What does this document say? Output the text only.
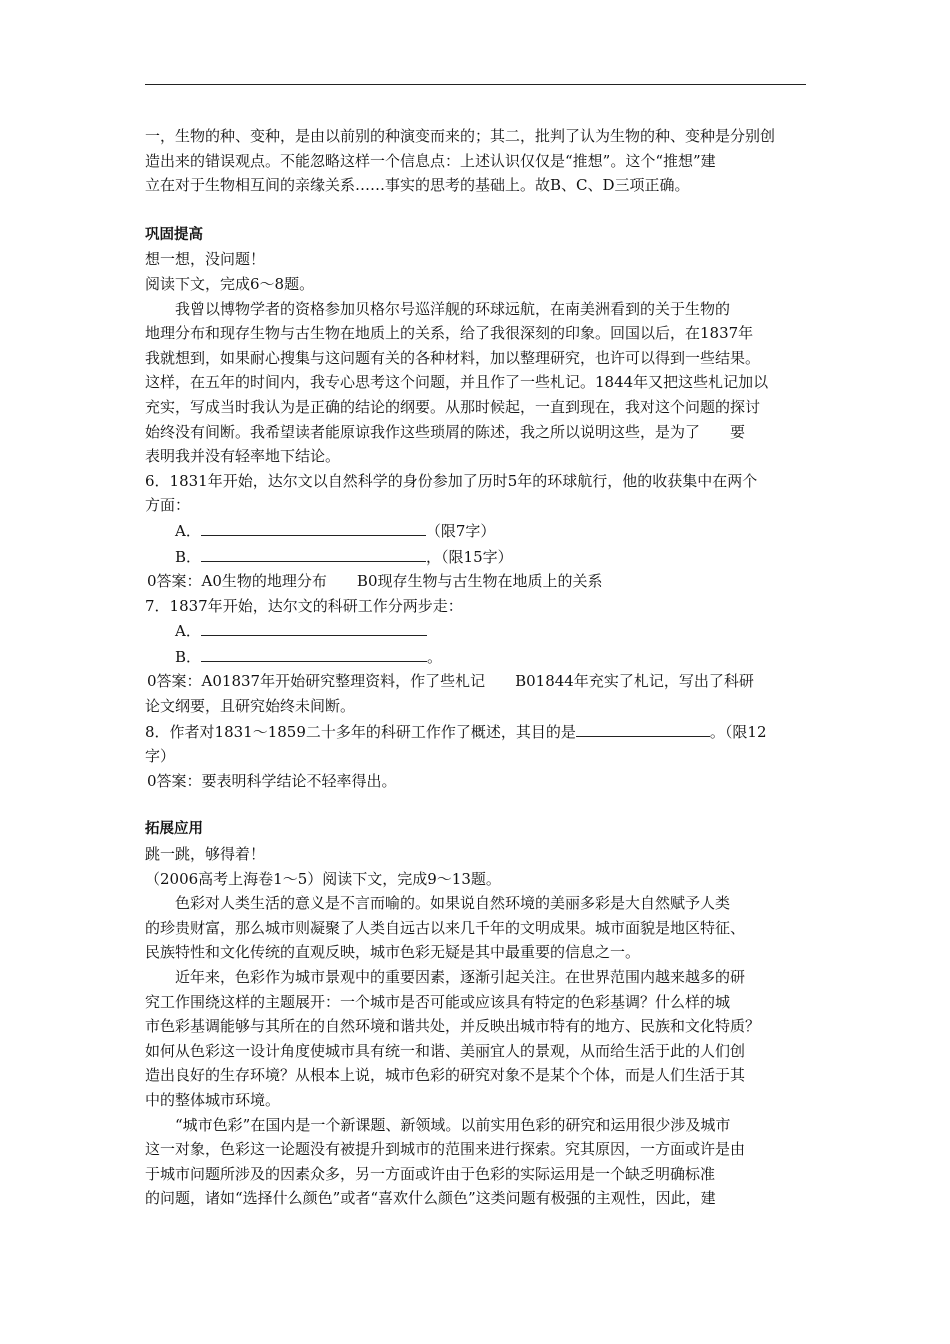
一，生物的种、变种，是由以前别的种演变而来的；其二，批判了认为生物的种、变种是分别创

造出来的错误观点。不能忽略这样一个信息点：上述认识仅仅是“推想”。这个“推想”建

立在对于生物相互间的亲缘关系……事实的思考的基础上。故B、C、D三项正确。

巩固提高

想一想，没问题！

阅读下文，完成6～8题。

我曾以博物学者的资格参加贝格尔号巡洋舰的环球远航，在南美洲看到的关于生物的

地理分布和现存生物与古生物在地质上的关系，给了我很深刻的印象。回国以后，在1837年

我就想到，如果耐心搜集与这问题有关的各种材料，加以整理研究，也许可以得到一些结果。

这样，在五年的时间内，我专心思考这个问题，并且作了一些札记。1844年又把这些札记加以

充实，写成当时我认为是正确的结论的纲要。从那时候起，一直到现在，我对这个问题的探讨

始终没有间断。我希望读者能原谅我作这些琐屑的陈述，我之所以说明这些，是为了　　要

表明我并没有轻率地下结论。

6．1831年开始，达尔文以自然科学的身份参加了历时5年的环球航行，他的收获集中在两个

方面：

A．	（限7字）

B．	，（限15字）

0答案：A0生物的地理分布　　B0现存生物与古生物在地质上的关系

7．1837年开始，达尔文的科研工作分两步走：

A．

B．	。

0答案：A01837年开始研究整理资料，作了些札记　　B01844年充实了札记，写出了科研

论文纲要，且研究始终未间断。

8．作者对1831～1859二十多年的科研工作作了概述，其目的是	。（限12

字）

0答案：要表明科学结论不轻率得出。

拓展应用

跳一跳，够得着！

（2006高考上海卷1～5）阅读下文，完成9～13题。

色彩对人类生活的意义是不言而喻的。如果说自然环境的美丽多彩是大自然赋予人类

的珍贵财富，那么城市则凝聚了人类自远古以来几千年的文明成果。城市面貌是地区特征、

民族特性和文化传统的直观反映，城市色彩无疑是其中最重要的信息之一。

近年来，色彩作为城市景观中的重要因素，逐渐引起关注。在世界范围内越来越多的研

究工作围绕这样的主题展开：一个城市是否可能或应该具有特定的色彩基调？什么样的城

市色彩基调能够与其所在的自然环境和谐共处，并反映出城市特有的地方、民族和文化特质？

如何从色彩这一设计角度使城市具有统一和谐、美丽宜人的景观，从而给生活于此的人们创

造出良好的生存环境？从根本上说，城市色彩的研究对象不是某个个体，而是人们生活于其

中的整体城市环境。

“城市色彩”在国内是一个新课题、新领域。以前实用色彩的研究和运用很少涉及城市

这一对象，色彩这一论题没有被提升到城市的范围来进行探索。究其原因，一方面或许是由

于城市问题所涉及的因素众多，另一方面或许由于色彩的实际运用是一个缺乏明确标准

的问题，诸如“选择什么颜色”或者“喜欢什么颜色”这类问题有极强的主观性，因此，建
